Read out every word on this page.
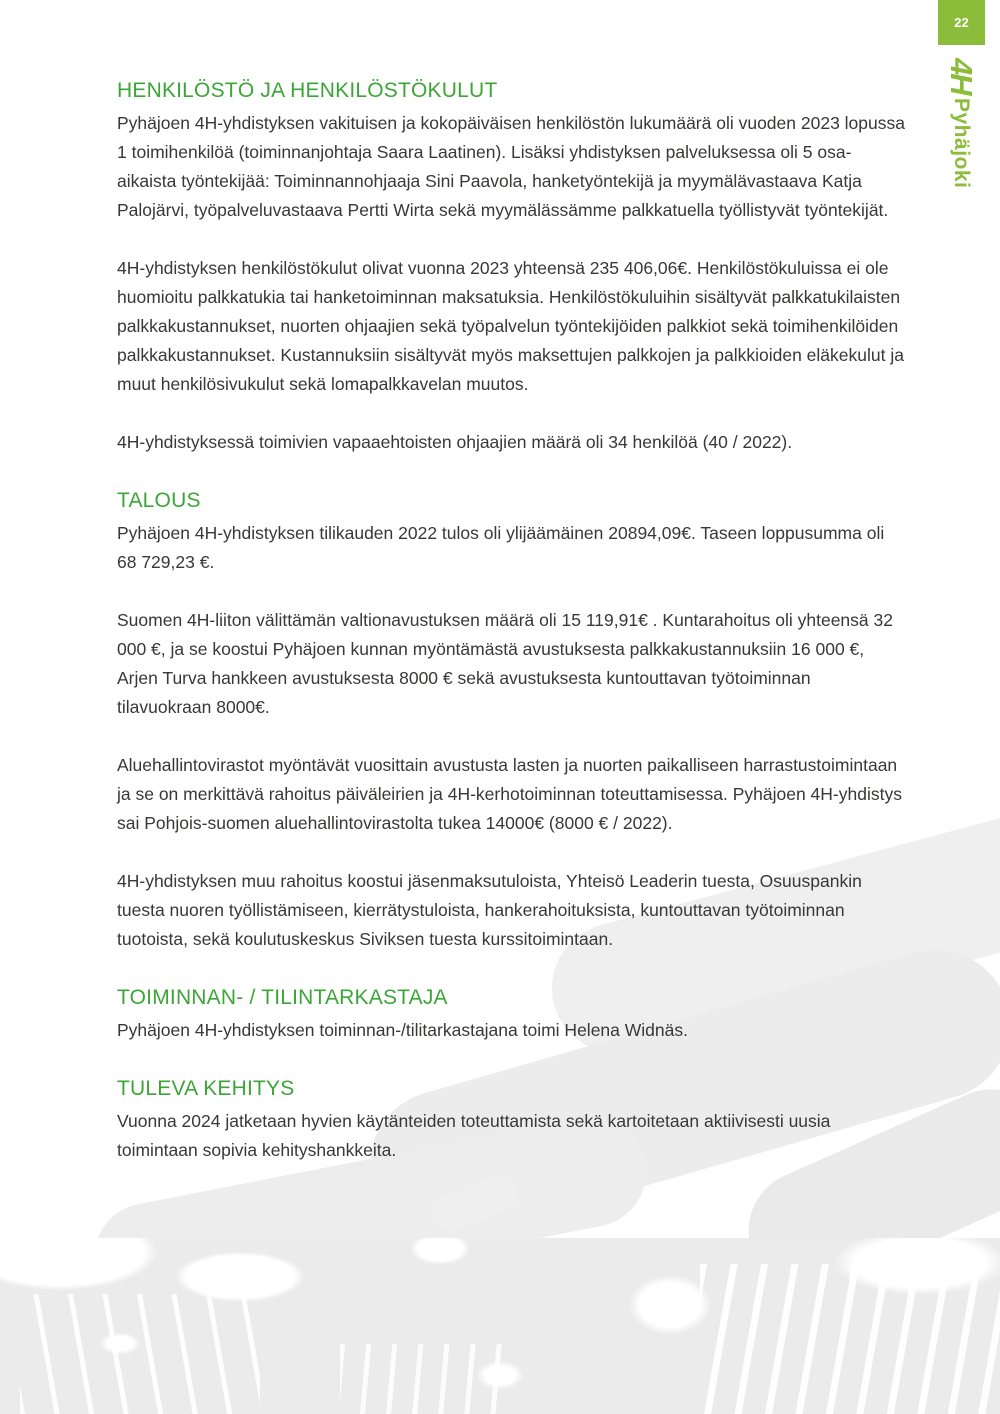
22
4H Pyhäjoki
HENKILÖSTÖ JA HENKILÖSTÖKULUT

Pyhäjoen 4H-yhdistyksen vakituisen ja kokopäiväisen henkilöstön lukumäärä oli vuoden 2023 lopussa 1 toimihenkilöä (toiminnanjohtaja Saara Laatinen). Lisäksi yhdistyksen palveluksessa oli 5 osa-aikaista työntekijää: Toiminnannohjaaja Sini Paavola, hanketyöntekijä ja myymälävastaava Katja Palojärvi, työpalveluvastaava Pertti Wirta sekä myymälässämme palkkatuella työllistyvät työntekijät.

4H-yhdistyksen henkilöstökulut olivat vuonna 2023 yhteensä 235 406,06€. Henkilöstökuluissa ei ole huomioitu palkkatukia tai hanketoiminnan maksatuksia. Henkilöstökuluihin sisältyvät palkkatukilaisten palkkakustannukset, nuorten ohjaajien sekä työpalvelun työntekijöiden palkkiot sekä toimihenkilöiden palkkakustannukset. Kustannuksiin sisältyvät myös maksettujen palkkojen ja palkkioiden eläkekulut ja muut henkilösivukulut sekä lomapalkkavelan muutos.

4H-yhdistyksessä toimivien vapaaehtoisten ohjaajien määrä oli 34 henkilöä (40 / 2022).

TALOUS

Pyhäjoen 4H-yhdistyksen tilikauden 2022 tulos oli ylijäämäinen 20894,09€. Taseen loppusumma oli 68 729,23 €.

Suomen 4H-liiton välittämän valtionavustuksen määrä oli 15 119,91€ . Kuntarahoitus oli yhteensä 32 000 €, ja se koostui Pyhäjoen kunnan myöntämästä avustuksesta palkkakustannuksiin 16 000 €, Arjen Turva hankkeen avustuksesta 8000 € sekä avustuksesta kuntouttavan työtoiminnan tilavuokraan 8000€.

Aluehallintovirastot myöntävät vuosittain avustusta lasten ja nuorten paikalliseen harrastustoimintaan ja se on merkittävä rahoitus päiväleirien ja 4H-kerhotoiminnan toteuttamisessa. Pyhäjoen 4H-yhdistys sai Pohjois-suomen aluehallintovirastolta tukea 14000€ (8000 € / 2022).

4H-yhdistyksen muu rahoitus koostui jäsenmaksutuloista, Yhteisö Leaderin tuesta, Osuuspankin tuesta nuoren työllistämiseen, kierrätystuloista, hankerahoituksista, kuntouttavan työtoiminnan tuotoista, sekä koulutuskeskus Siviksen tuesta kurssitoimintaan.

TOIMINNAN- / TILINTARKASTAJA

Pyhäjoen 4H-yhdistyksen toiminnan-/tilitarkastajana toimi Helena Widnäs.

TULEVA KEHITYS

Vuonna 2024 jatketaan hyvien käytänteiden toteuttamista sekä kartoitetaan aktiivisesti uusia toimintaan sopivia kehityshankkeita.
